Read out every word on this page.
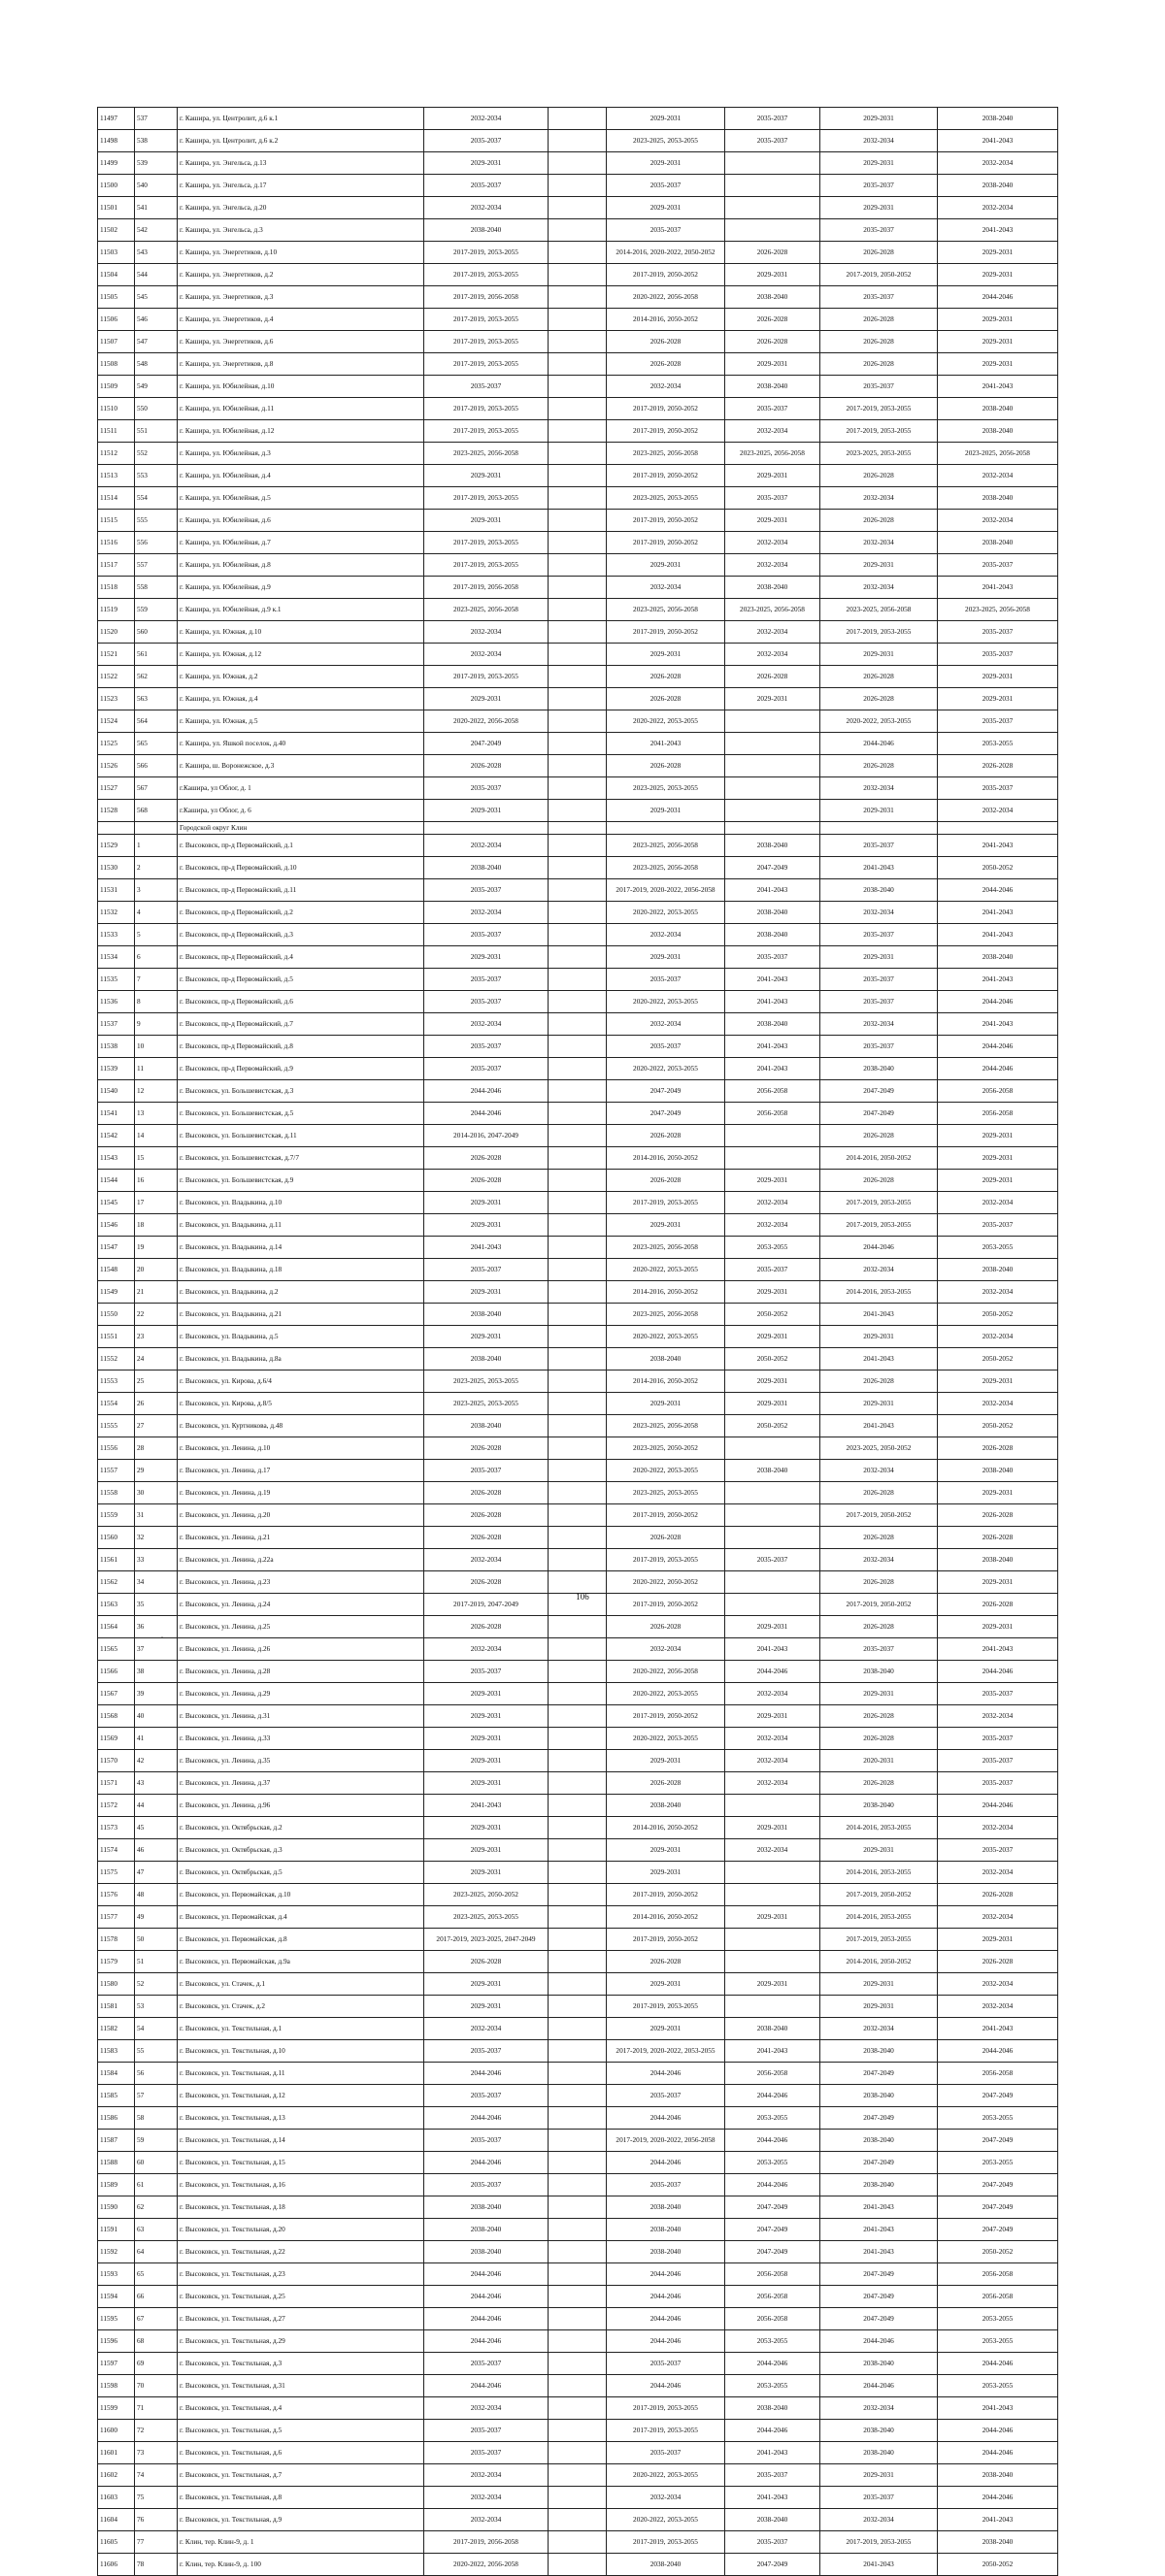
11497	537	г. Кашира, ул. Центролит, д.6 к.1	2032-2034		2029-2031	2035-2037	2029-2031	2038-2040
11498	538	г. Кашира, ул. Центролит, д.6 к.2	2035-2037		2023-2025, 2053-2055	2035-2037	2032-2034	2041-2043
11499	539	г. Кашира, ул. Энгельса, д.13	2029-2031		2029-2031		2029-2031	2032-2034
11500	540	г. Кашира, ул. Энгельса, д.17	2035-2037		2035-2037		2035-2037	2038-2040
11501	541	г. Кашира, ул. Энгельса, д.20	2032-2034		2029-2031		2029-2031	2032-2034
11502	542	г. Кашира, ул. Энгельса, д.3	2038-2040		2035-2037		2035-2037	2041-2043
11503	543	г. Кашира, ул. Энергетиков, д.10	2017-2019, 2053-2055		2014-2016, 2020-2022, 2050-2052	2026-2028	2026-2028	2029-2031
11504	544	г. Кашира, ул. Энергетиков, д.2	2017-2019, 2053-2055		2017-2019, 2050-2052	2029-2031	2017-2019, 2050-2052	2029-2031
11505	545	г. Кашира, ул. Энергетиков, д.3	2017-2019, 2056-2058		2020-2022, 2056-2058	2038-2040	2035-2037	2044-2046
11506	546	г. Кашира, ул. Энергетиков, д.4	2017-2019, 2053-2055		2014-2016, 2050-2052	2026-2028	2026-2028	2029-2031
11507	547	г. Кашира, ул. Энергетиков, д.6	2017-2019, 2053-2055		2026-2028	2026-2028	2026-2028	2029-2031
11508	548	г. Кашира, ул. Энергетиков, д.8	2017-2019, 2053-2055		2026-2028	2029-2031	2026-2028	2029-2031
11509	549	г. Кашира, ул. Юбилейная, д.10	2035-2037		2032-2034	2038-2040	2035-2037	2041-2043
11510	550	г. Кашира, ул. Юбилейная, д.11	2017-2019, 2053-2055		2017-2019, 2050-2052	2035-2037	2017-2019, 2053-2055	2038-2040
11511	551	г. Кашира, ул. Юбилейная, д.12	2017-2019, 2053-2055		2017-2019, 2050-2052	2032-2034	2017-2019, 2053-2055	2038-2040
11512	552	г. Кашира, ул. Юбилейная, д.3	2023-2025, 2056-2058		2023-2025, 2056-2058	2023-2025, 2056-2058	2023-2025, 2053-2055	2023-2025, 2056-2058
11513	553	г. Кашира, ул. Юбилейная, д.4	2029-2031		2017-2019, 2050-2052	2029-2031	2026-2028	2032-2034
11514	554	г. Кашира, ул. Юбилейная, д.5	2017-2019, 2053-2055		2023-2025, 2053-2055	2035-2037	2032-2034	2038-2040
11515	555	г. Кашира, ул. Юбилейная, д.6	2029-2031		2017-2019, 2050-2052	2029-2031	2026-2028	2032-2034
11516	556	г. Кашира, ул. Юбилейная, д.7	2017-2019, 2053-2055		2017-2019, 2050-2052	2032-2034	2032-2034	2038-2040
11517	557	г. Кашира, ул. Юбилейная, д.8	2017-2019, 2053-2055		2029-2031	2032-2034	2029-2031	2035-2037
11518	558	г. Кашира, ул. Юбилейная, д.9	2017-2019, 2056-2058		2032-2034	2038-2040	2032-2034	2041-2043
11519	559	г. Кашира, ул. Юбилейная, д.9 к.1	2023-2025, 2056-2058		2023-2025, 2056-2058	2023-2025, 2056-2058	2023-2025, 2056-2058	2023-2025, 2056-2058
11520	560	г. Кашира, ул. Южная, д.10	2032-2034		2017-2019, 2050-2052	2032-2034	2017-2019, 2053-2055	2035-2037
11521	561	г. Кашира, ул. Южная, д.12	2032-2034		2029-2031	2032-2034	2029-2031	2035-2037
11522	562	г. Кашира, ул. Южная, д.2	2017-2019, 2053-2055		2026-2028	2026-2028	2026-2028	2029-2031
11523	563	г. Кашира, ул. Южная, д.4	2029-2031		2026-2028	2029-2031	2026-2028	2029-2031
11524	564	г. Кашира, ул. Южная, д.5	2020-2022, 2056-2058		2020-2022, 2053-2055		2020-2022, 2053-2055	2035-2037
11525	565	г. Кашира, ул. Яшкой поселок, д.40	2047-2049		2041-2043		2044-2046	2053-2055
11526	566	г. Кашира, ш. Воронежское, д.3	2026-2028		2026-2028		2026-2028	2026-2028
11527	567	г.Кашира, ул Облог, д. 1	2035-2037		2023-2025, 2053-2055		2032-2034	2035-2037
11528	568	г.Кашира, ул Облог, д. 6	2029-2031		2029-2031		2029-2031	2032-2034
		Городской округ Клин						
11529	1	г. Высоковск, пр-д Первомайский, д.1	2032-2034		2023-2025, 2056-2058	2038-2040	2035-2037	2041-2043
11530	2	г. Высоковск, пр-д Первомайский, д.10	2038-2040		2023-2025, 2056-2058	2047-2049	2041-2043	2050-2052
11531	3	г. Высоковск, пр-д Первомайский, д.11	2035-2037		2017-2019, 2020-2022, 2056-2058	2041-2043	2038-2040	2044-2046
11532	4	г. Высоковск, пр-д Первомайский, д.2	2032-2034		2020-2022, 2053-2055	2038-2040	2032-2034	2041-2043
11533	5	г. Высоковск, пр-д Первомайский, д.3	2035-2037		2032-2034	2038-2040	2035-2037	2041-2043
11534	6	г. Высоковск, пр-д Первомайский, д.4	2029-2031		2029-2031	2035-2037	2029-2031	2038-2040
11535	7	г. Высоковск, пр-д Первомайский, д.5	2035-2037		2035-2037	2041-2043	2035-2037	2041-2043
11536	8	г. Высоковск, пр-д Первомайский, д.6	2035-2037		2020-2022, 2053-2055	2041-2043	2035-2037	2044-2046
11537	9	г. Высоковск, пр-д Первомайский, д.7	2032-2034		2032-2034	2038-2040	2032-2034	2041-2043
11538	10	г. Высоковск, пр-д Первомайский, д.8	2035-2037		2035-2037	2041-2043	2035-2037	2044-2046
11539	11	г. Высоковск, пр-д Первомайский, д.9	2035-2037		2020-2022, 2053-2055	2041-2043	2038-2040	2044-2046
11540	12	г. Высоковск, ул. Большевистская, д.3	2044-2046		2047-2049	2056-2058	2047-2049	2056-2058
11541	13	г. Высоковск, ул. Большевистская, д.5	2044-2046		2047-2049	2056-2058	2047-2049	2056-2058
11542	14	г. Высоковск, ул. Большевистская, д.11	2014-2016, 2047-2049		2026-2028		2026-2028	2029-2031
11543	15	г. Высоковск, ул. Большевистская, д.7/7	2026-2028		2014-2016, 2050-2052		2014-2016, 2050-2052	2029-2031
11544	16	г. Высоковск, ул. Большевистская, д.9	2026-2028		2026-2028	2029-2031	2026-2028	2029-2031
11545	17	г. Высоковск, ул. Владыкина, д.10	2029-2031		2017-2019, 2053-2055	2032-2034	2017-2019, 2053-2055	2032-2034
11546	18	г. Высоковск, ул. Владыкина, д.11	2029-2031		2029-2031	2032-2034	2017-2019, 2053-2055	2035-2037
11547	19	г. Высоковск, ул. Владыкина, д.14	2041-2043		2023-2025, 2056-2058	2053-2055	2044-2046	2053-2055
11548	20	г. Высоковск, ул. Владыкина, д.18	2035-2037		2020-2022, 2053-2055	2035-2037	2032-2034	2038-2040
11549	21	г. Высоковск, ул. Владыкина, д.2	2029-2031		2014-2016, 2050-2052	2029-2031	2014-2016, 2053-2055	2032-2034
11550	22	г. Высоковск, ул. Владыкина, д.21	2038-2040		2023-2025, 2056-2058	2050-2052	2041-2043	2050-2052
11551	23	г. Высоковск, ул. Владыкина, д.5	2029-2031		2020-2022, 2053-2055	2029-2031	2029-2031	2032-2034
11552	24	г. Высоковск, ул. Владыкина, д.8а	2038-2040		2038-2040	2050-2052	2041-2043	2050-2052
11553	25	г. Высоковск, ул. Кирова, д.6/4	2023-2025, 2053-2055		2014-2016, 2050-2052	2029-2031	2026-2028	2029-2031
11554	26	г. Высоковск, ул. Кирова, д.8/5	2023-2025, 2053-2055		2029-2031	2029-2031	2029-2031	2032-2034
11555	27	г. Высоковск, ул. Куртникова, д.48	2038-2040		2023-2025, 2056-2058	2050-2052	2041-2043	2050-2052
11556	28	г. Высоковск, ул. Ленина, д.10	2026-2028		2023-2025, 2050-2052		2023-2025, 2050-2052	2026-2028
11557	29	г. Высоковск, ул. Ленина, д.17	2035-2037		2020-2022, 2053-2055	2038-2040	2032-2034	2038-2040
11558	30	г. Высоковск, ул. Ленина, д.19	2026-2028		2023-2025, 2053-2055		2026-2028	2029-2031
11559	31	г. Высоковск, ул. Ленина, д.20	2026-2028		2017-2019, 2050-2052		2017-2019, 2050-2052	2026-2028
11560	32	г. Высоковск, ул. Ленина, д.21	2026-2028		2026-2028		2026-2028	2026-2028
11561	33	г. Высоковск, ул. Ленина, д.22а	2032-2034		2017-2019, 2053-2055	2035-2037	2032-2034	2038-2040
11562	34	г. Высоковск, ул. Ленина, д.23	2026-2028		2020-2022, 2050-2052		2026-2028	2029-2031
11563	35	г. Высоковск, ул. Ленина, д.24	2017-2019, 2047-2049		2017-2019, 2050-2052		2017-2019, 2050-2052	2026-2028
11564	36	г. Высоковск, ул. Ленина, д.25	2026-2028		2026-2028	2029-2031	2026-2028	2029-2031
11565	37	г. Высоковск, ул. Ленина, д.26	2032-2034		2032-2034	2041-2043	2035-2037	2041-2043
11566	38	г. Высоковск, ул. Ленина, д.28	2035-2037		2020-2022, 2056-2058	2044-2046	2038-2040	2044-2046
11567	39	г. Высоковск, ул. Ленина, д.29	2029-2031		2020-2022, 2053-2055	2032-2034	2029-2031	2035-2037
11568	40	г. Высоковск, ул. Ленина, д.31	2029-2031		2017-2019, 2050-2052	2029-2031	2026-2028	2032-2034
11569	41	г. Высоковск, ул. Ленина, д.33	2029-2031		2020-2022, 2053-2055	2032-2034	2026-2028	2035-2037
11570	42	г. Высоковск, ул. Ленина, д.35	2029-2031		2029-2031	2032-2034	2020-2031	2035-2037
11571	43	г. Высоковск, ул. Ленина, д.37	2029-2031		2026-2028	2032-2034	2026-2028	2035-2037
11572	44	г. Высоковск, ул. Ленина, д.96	2041-2043		2038-2040		2038-2040	2044-2046
11573	45	г. Высоковск, ул. Октябрьская, д.2	2029-2031		2014-2016, 2050-2052	2029-2031	2014-2016, 2053-2055	2032-2034
11574	46	г. Высоковск, ул. Октябрьская, д.3	2029-2031		2029-2031	2032-2034	2029-2031	2035-2037
11575	47	г. Высоковск, ул. Октябрьская, д.5	2029-2031		2029-2031		2014-2016, 2053-2055	2032-2034
11576	48	г. Высоковск, ул. Первомайская, д.10	2023-2025, 2050-2052		2017-2019, 2050-2052		2017-2019, 2050-2052	2026-2028
11577	49	г. Высоковск, ул. Первомайская, д.4	2023-2025, 2053-2055		2014-2016, 2050-2052	2029-2031	2014-2016, 2053-2055	2032-2034
11578	50	г. Высоковск, ул. Первомайская, д.8	2017-2019, 2023-2025, 2047-2049		2017-2019, 2050-2052		2017-2019, 2053-2055	2029-2031
11579	51	г. Высоковск, ул. Первомайская, д.9а	2026-2028		2026-2028		2014-2016, 2050-2052	2026-2028
11580	52	г. Высоковск, ул. Стачек, д.1	2029-2031		2029-2031	2029-2031	2029-2031	2032-2034
11581	53	г. Высоковск, ул. Стачек, д.2	2029-2031		2017-2019, 2053-2055		2029-2031	2032-2034
11582	54	г. Высоковск, ул. Текстильная, д.1	2032-2034		2029-2031	2038-2040	2032-2034	2041-2043
11583	55	г. Высоковск, ул. Текстильная, д.10	2035-2037		2017-2019, 2020-2022, 2053-2055	2041-2043	2038-2040	2044-2046
11584	56	г. Высоковск, ул. Текстильная, д.11	2044-2046		2044-2046	2056-2058	2047-2049	2056-2058
11585	57	г. Высоковск, ул. Текстильная, д.12	2035-2037		2035-2037	2044-2046	2038-2040	2047-2049
11586	58	г. Высоковск, ул. Текстильная, д.13	2044-2046		2044-2046	2053-2055	2047-2049	2053-2055
11587	59	г. Высоковск, ул. Текстильная, д.14	2035-2037		2017-2019, 2020-2022, 2056-2058	2044-2046	2038-2040	2047-2049
11588	60	г. Высоковск, ул. Текстильная, д.15	2044-2046		2044-2046	2053-2055	2047-2049	2053-2055
11589	61	г. Высоковск, ул. Текстильная, д.16	2035-2037		2035-2037	2044-2046	2038-2040	2047-2049
11590	62	г. Высоковск, ул. Текстильная, д.18	2038-2040		2038-2040	2047-2049	2041-2043	2047-2049
11591	63	г. Высоковск, ул. Текстильная, д.20	2038-2040		2038-2040	2047-2049	2041-2043	2047-2049
11592	64	г. Высоковск, ул. Текстильная, д.22	2038-2040		2038-2040	2047-2049	2041-2043	2050-2052
11593	65	г. Высоковск, ул. Текстильная, д.23	2044-2046		2044-2046	2056-2058	2047-2049	2056-2058
11594	66	г. Высоковск, ул. Текстильная, д.25	2044-2046		2044-2046	2056-2058	2047-2049	2056-2058
11595	67	г. Высоковск, ул. Текстильная, д.27	2044-2046		2044-2046	2056-2058	2047-2049	2053-2055
11596	68	г. Высоковск, ул. Текстильная, д.29	2044-2046		2044-2046	2053-2055	2044-2046	2053-2055
11597	69	г. Высоковск, ул. Текстильная, д.3	2035-2037		2035-2037	2044-2046	2038-2040	2044-2046
11598	70	г. Высоковск, ул. Текстильная, д.31	2044-2046		2044-2046	2053-2055	2044-2046	2053-2055
11599	71	г. Высоковск, ул. Текстильная, д.4	2032-2034		2017-2019, 2053-2055	2038-2040	2032-2034	2041-2043
11600	72	г. Высоковск, ул. Текстильная, д.5	2035-2037		2017-2019, 2053-2055	2044-2046	2038-2040	2044-2046
11601	73	г. Высоковск, ул. Текстильная, д.6	2035-2037		2035-2037	2041-2043	2038-2040	2044-2046
11602	74	г. Высоковск, ул. Текстильная, д.7	2032-2034		2020-2022, 2053-2055	2035-2037	2029-2031	2038-2040
11603	75	г. Высоковск, ул. Текстильная, д.8	2032-2034		2032-2034	2041-2043	2035-2037	2044-2046
11604	76	г. Высоковск, ул. Текстильная, д.9	2032-2034		2020-2022, 2053-2055	2038-2040	2032-2034	2041-2043
11605	77	г. Клин, тер. Клин-9, д. 1	2017-2019, 2056-2058		2017-2019, 2053-2055	2035-2037	2017-2019, 2053-2055	2038-2040
11606	78	г. Клин, тер. Клин-9, д. 100	2020-2022, 2056-2058		2038-2040	2047-2049	2041-2043	2050-2052
106
.
